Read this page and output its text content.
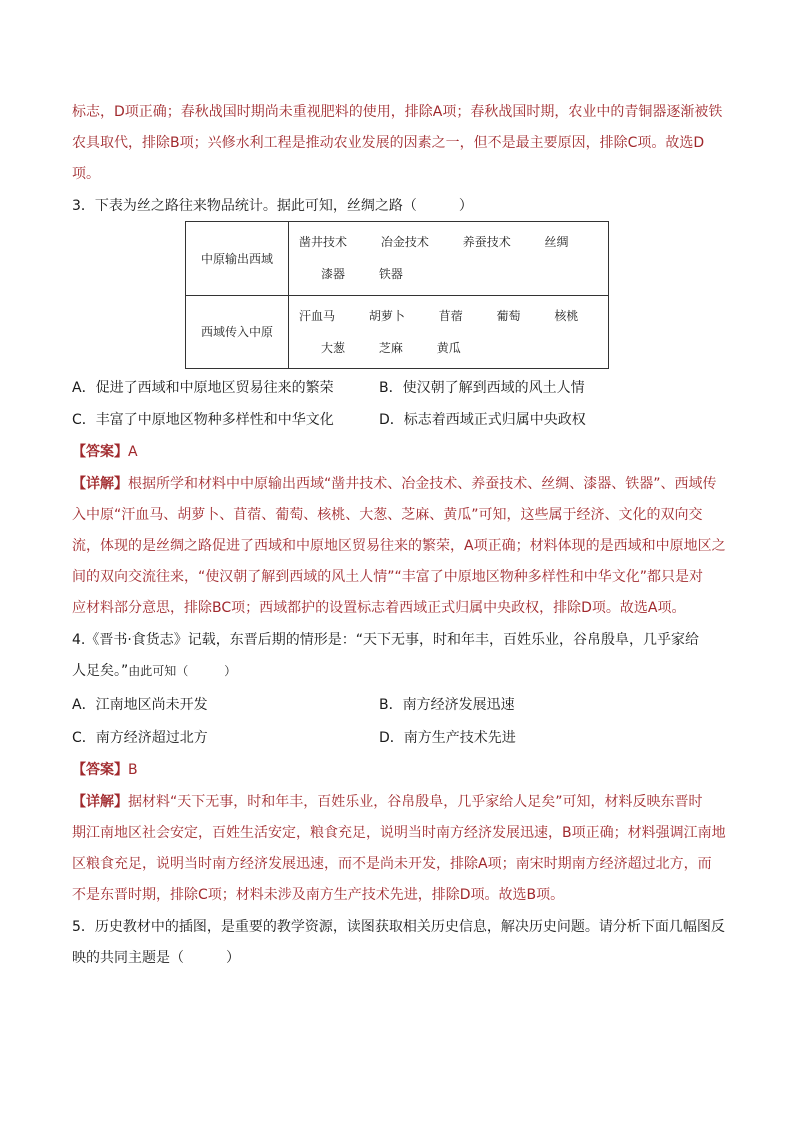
标志，D项正确；春秋战国时期尚未重视肥料的使用，排除A项；春秋战国时期，农业中的青铜器逐渐被铁
农具取代，排除B项；兴修水利工程是推动农业发展的因素之一，但不是最主要原因，排除C项。故选D
项。
3．下表为丝之路往来物品统计。据此可知，丝绸之路（　　　）
中原输出西域	凿井技术 冶金技术 养蚕技术 丝绸
漆器 铁器

西域传入中原	汗血马 胡萝卜 苜蓿 葡萄 核桃
大葱 芝麻 黄瓜
A．促进了西域和中原地区贸易往来的繁荣	B．使汉朝了解到西域的风土人情
C．丰富了中原地区物种多样性和中华文化	D．标志着西域正式归属中央政权
【答案】A
【详解】根据所学和材料中中原输出西域“凿井技术、冶金技术、养蚕技术、丝绸、漆器、铁器”、西域传
入中原“汗血马、胡萝卜、苜蓿、葡萄、核桃、大葱、芝麻、黄瓜”可知，这些属于经济、文化的双向交
流，体现的是丝绸之路促进了西域和中原地区贸易往来的繁荣，A项正确；材料体现的是西域和中原地区之
间的双向交流往来，“使汉朝了解到西域的风土人情”“丰富了中原地区物种多样性和中华文化”都只是对
应材料部分意思，排除BC项；西域都护的设置标志着西域正式归属中央政权，排除D项。故选A项。
4.《晋书·食货志》记载，东晋后期的情形是：“天下无事，时和年丰，百姓乐业，谷帛殷阜，几乎家给
人足矣。”由此可知（　　　）
A．江南地区尚未开发	B．南方经济发展迅速
C．南方经济超过北方	D．南方生产技术先进
【答案】B
【详解】据材料“天下无事，时和年丰，百姓乐业，谷帛殷阜，几乎家给人足矣”可知，材料反映东晋时
期江南地区社会安定，百姓生活安定，粮食充足，说明当时南方经济发展迅速，B项正确；材料强调江南地
区粮食充足，说明当时南方经济发展迅速，而不是尚未开发，排除A项；南宋时期南方经济超过北方，而
不是东晋时期，排除C项；材料未涉及南方生产技术先进，排除D项。故选B项。
5．历史教材中的插图，是重要的教学资源，读图获取相关历史信息，解决历史问题。请分析下面几幅图反
映的共同主题是（　　　）
